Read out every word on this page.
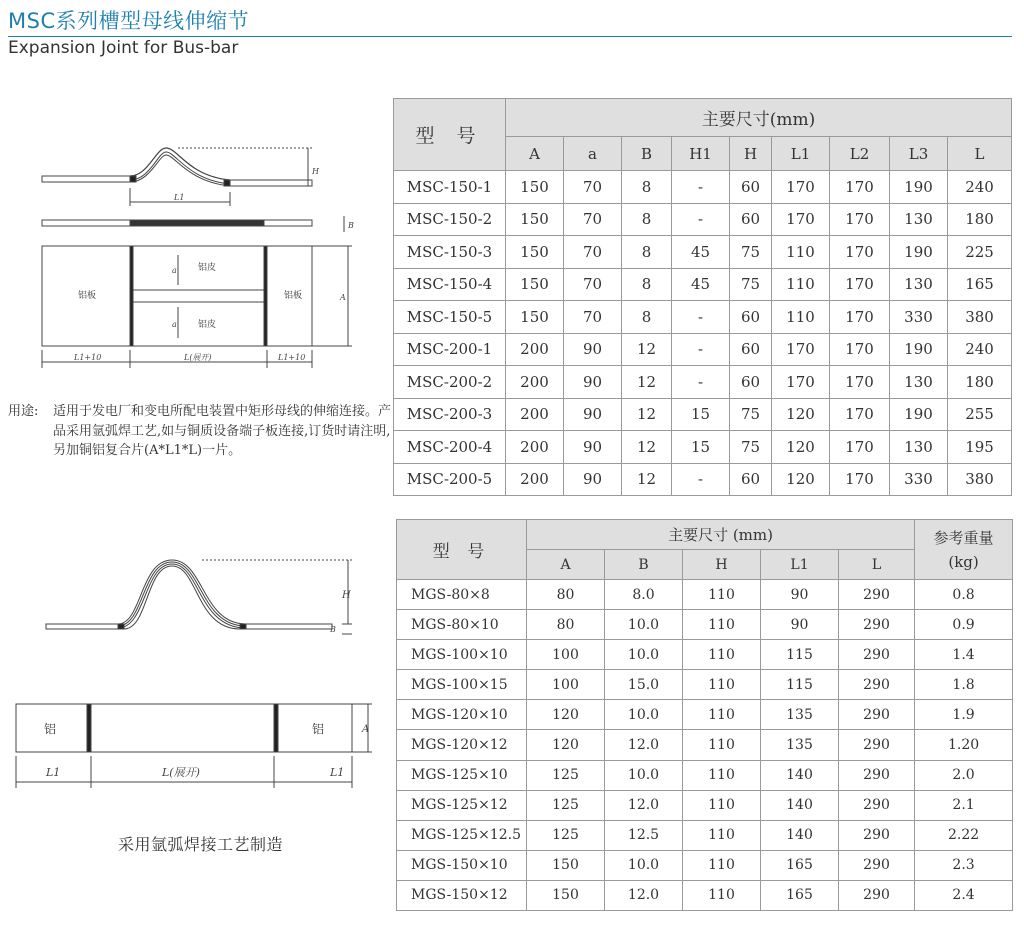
MSC系列槽型母线伸缩节
Expansion Joint for Bus-bar
H
L1
B
铝板
铝皮
铝皮
铝板
a
a
A
L1+10	L(展开)	L1+10
用途: 适用于发电厂和变电所配电装置中矩形母线的伸缩连接。产品采用氩弧焊工艺,如与铜质设备端子板连接,订货时请注明,另加铜铝复合片(A*L1*L)一片。
型 号	主要尺寸(mm)								
	A	a	B	H1	H	L1	L2	L3	L
MSC-150-1	150	70	8	-	60	170	170	190	240
MSC-150-2	150	70	8	-	60	170	170	130	180
MSC-150-3	150	70	8	45	75	110	170	190	225
MSC-150-4	150	70	8	45	75	110	170	130	165
MSC-150-5	150	70	8	-	60	110	170	330	380
MSC-200-1	200	90	12	-	60	170	170	190	240
MSC-200-2	200	90	12	-	60	170	170	130	180
MSC-200-3	200	90	12	15	75	120	170	190	255
MSC-200-4	200	90	12	15	75	120	170	130	195
MSC-200-5	200	90	12	-	60	120	170	330	380
H
B
铝	铝	A
L1	L(展开)	L1
采用氩弧焊接工艺制造
型 号	主要尺寸 (mm)					参考重量
(kg)
	A	B	H	L1	L	
MGS-80×8	80	8.0	110	90	290	0.8
MGS-80×10	80	10.0	110	90	290	0.9
MGS-100×10	100	10.0	110	115	290	1.4
MGS-100×15	100	15.0	110	115	290	1.8
MGS-120×10	120	10.0	110	135	290	1.9
MGS-120×12	120	12.0	110	135	290	1.20
MGS-125×10	125	10.0	110	140	290	2.0
MGS-125×12	125	12.0	110	140	290	2.1
MGS-125×12.5	125	12.5	110	140	290	2.22
MGS-150×10	150	10.0	110	165	290	2.3
MGS-150×12	150	12.0	110	165	290	2.4
